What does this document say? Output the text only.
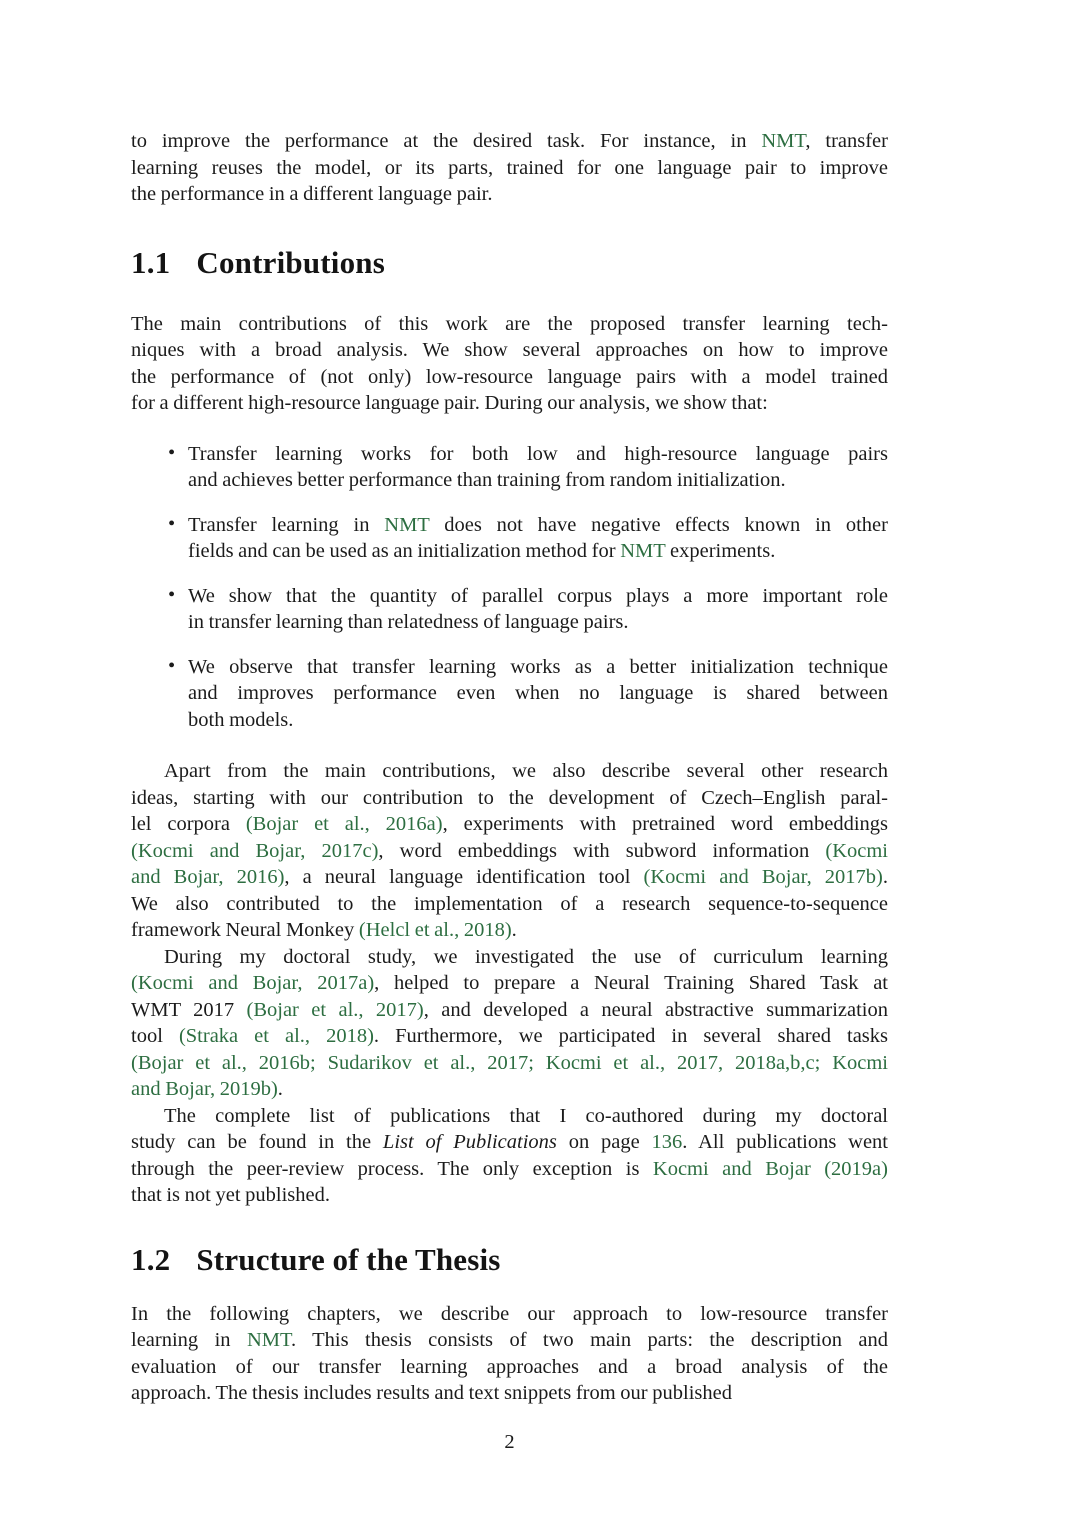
to improve the performance at the desired task. For instance, in NMT, transfer
learning reuses the model, or its parts, trained for one language pair to improve
the performance in a different language pair.
1.1 Contributions
The main contributions of this work are the proposed transfer learning tech-
niques with a broad analysis. We show several approaches on how to improve
the performance of (not only) low-resource language pairs with a model trained
for a different high-resource language pair. During our analysis, we show that:
• Transfer learning works for both low and high-resource language pairs
and achieves better performance than training from random initialization.
• Transfer learning in NMT does not have negative effects known in other
fields and can be used as an initialization method for NMT experiments.
• We show that the quantity of parallel corpus plays a more important role
in transfer learning than relatedness of language pairs.
• We observe that transfer learning works as a better initialization technique
and improves performance even when no language is shared between
both models.
Apart from the main contributions, we also describe several other research
ideas, starting with our contribution to the development of Czech–English paral-
lel corpora (Bojar et al., 2016a), experiments with pretrained word embeddings
(Kocmi and Bojar, 2017c), word embeddings with subword information (Kocmi
and Bojar, 2016), a neural language identification tool (Kocmi and Bojar, 2017b).
We also contributed to the implementation of a research sequence-to-sequence
framework Neural Monkey (Helcl et al., 2018).
During my doctoral study, we investigated the use of curriculum learning
(Kocmi and Bojar, 2017a), helped to prepare a Neural Training Shared Task at
WMT 2017 (Bojar et al., 2017), and developed a neural abstractive summarization
tool (Straka et al., 2018). Furthermore, we participated in several shared tasks
(Bojar et al., 2016b; Sudarikov et al., 2017; Kocmi et al., 2017, 2018a,b,c; Kocmi
and Bojar, 2019b).
The complete list of publications that I co-authored during my doctoral
study can be found in the List of Publications on page 136. All publications went
through the peer-review process. The only exception is Kocmi and Bojar (2019a)
that is not yet published.
1.2 Structure of the Thesis
In the following chapters, we describe our approach to low-resource transfer
learning in NMT. This thesis consists of two main parts: the description and
evaluation of our transfer learning approaches and a broad analysis of the
approach. The thesis includes results and text snippets from our published
2
